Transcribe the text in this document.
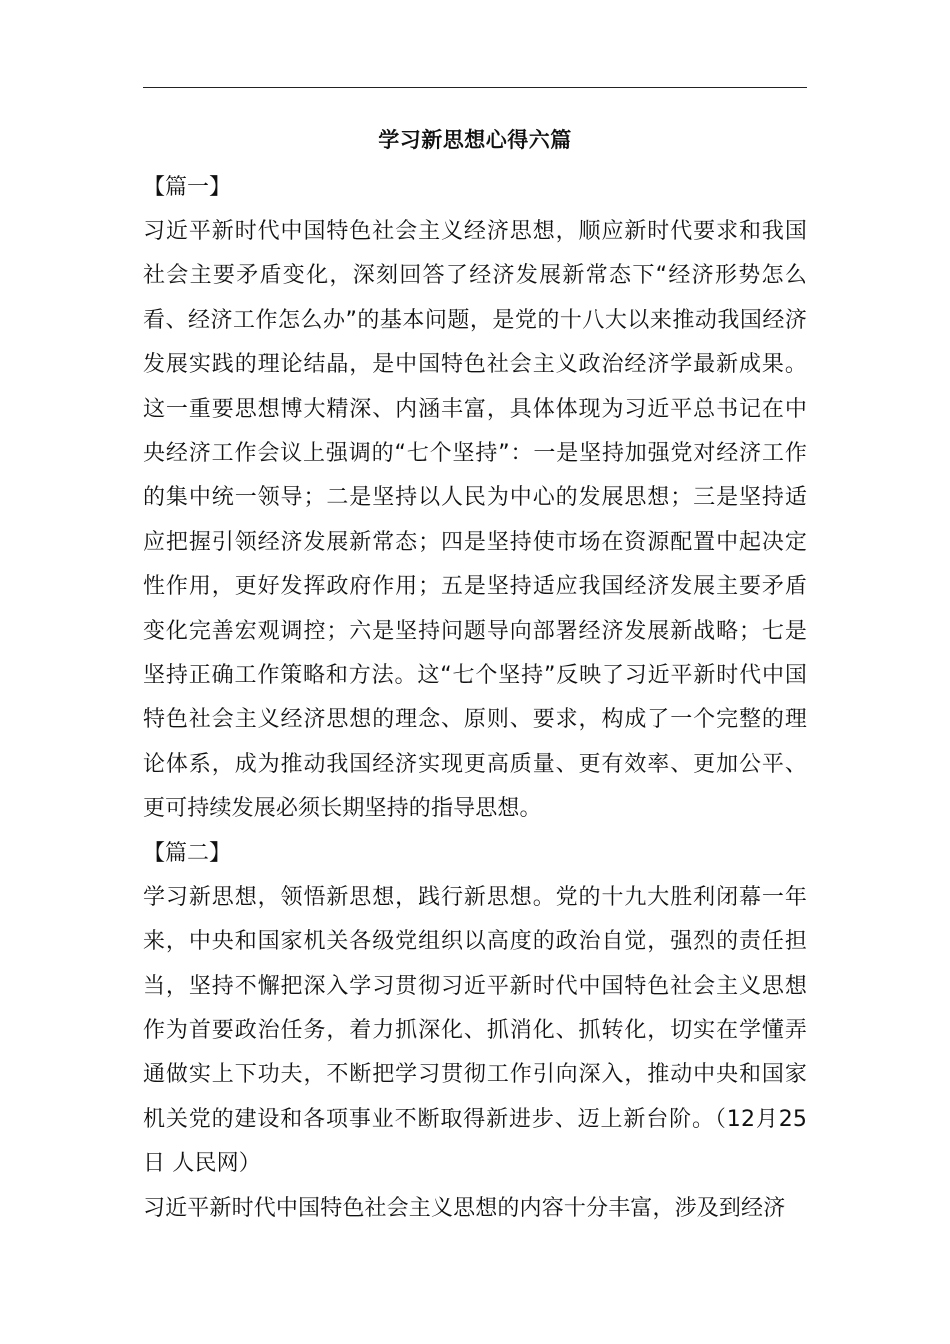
学习新思想心得六篇

【篇一】

习近平新时代中国特色社会主义经济思想，顺应新时代要求和我国社会主要矛盾变化，深刻回答了经济发展新常态下“经济形势怎么看、经济工作怎么办”的基本问题，是党的十八大以来推动我国经济发展实践的理论结晶，是中国特色社会主义政治经济学最新成果。这一重要思想博大精深、内涵丰富，具体体现为习近平总书记在中央经济工作会议上强调的“七个坚持”：一是坚持加强党对经济工作的集中统一领导；二是坚持以人民为中心的发展思想；三是坚持适应把握引领经济发展新常态；四是坚持使市场在资源配置中起决定性作用，更好发挥政府作用；五是坚持适应我国经济发展主要矛盾变化完善宏观调控；六是坚持问题导向部署经济发展新战略；七是坚持正确工作策略和方法。这“七个坚持”反映了习近平新时代中国特色社会主义经济思想的理念、原则、要求，构成了一个完整的理论体系，成为推动我国经济实现更高质量、更有效率、更加公平、更可持续发展必须长期坚持的指导思想。

【篇二】

学习新思想，领悟新思想，践行新思想。党的十九大胜利闭幕一年来，中央和国家机关各级党组织以高度的政治自觉，强烈的责任担当，坚持不懈把深入学习贯彻习近平新时代中国特色社会主义思想作为首要政治任务，着力抓深化、抓消化、抓转化，切实在学懂弄通做实上下功夫，不断把学习贯彻工作引向深入，推动中央和国家机关党的建设和各项事业不断取得新进步、迈上新台阶。（12月25日 人民网）

习近平新时代中国特色社会主义思想的内容十分丰富，涉及到经济
